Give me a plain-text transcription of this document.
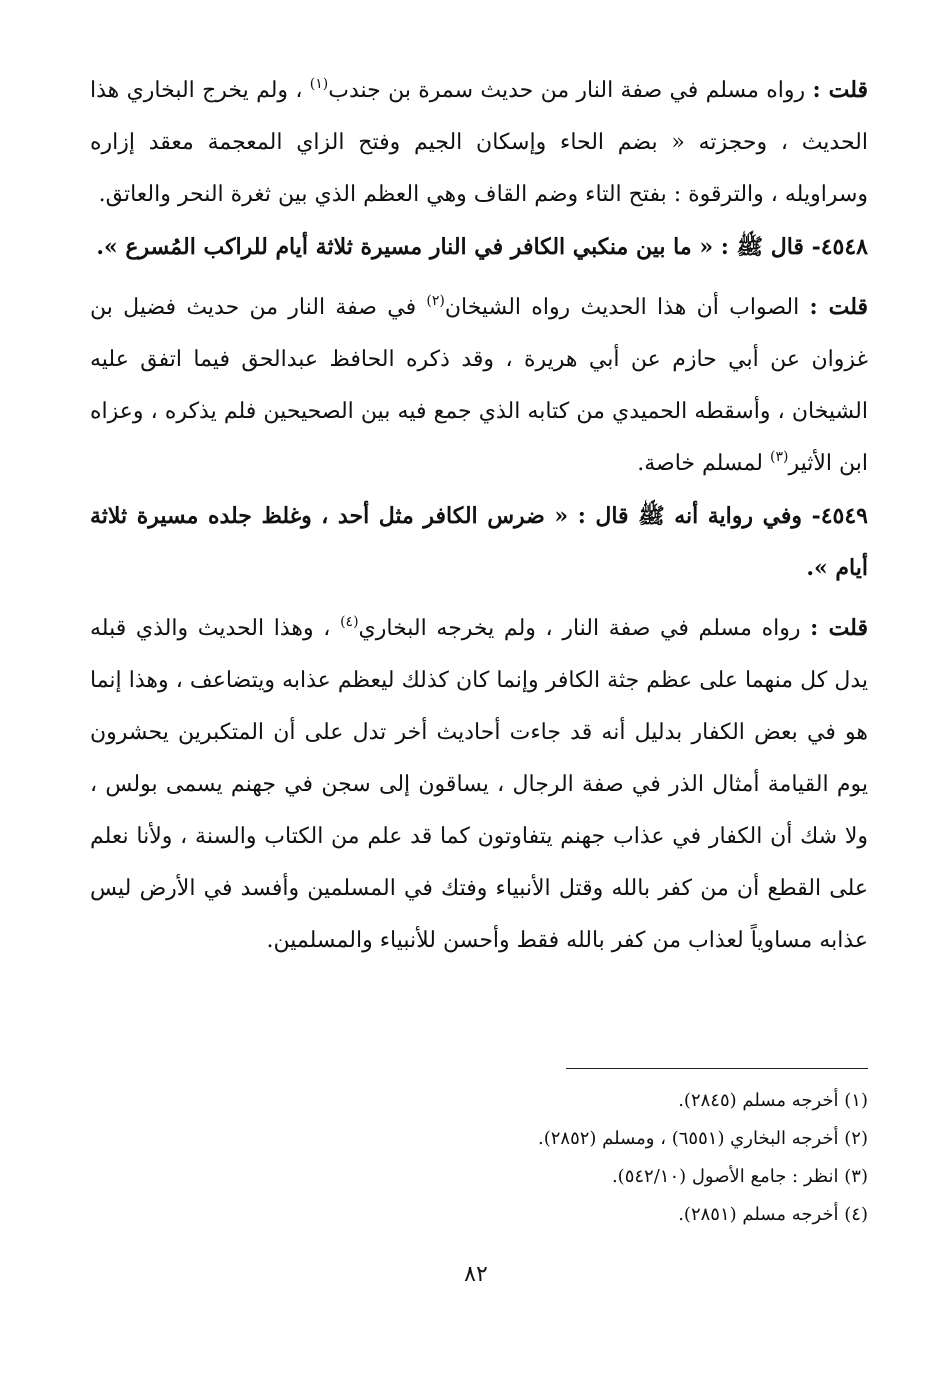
قلت : رواه مسلم في صفة النار من حديث سمرة بن جندب$^{(١)}$ ، ولم يخرج البخاري هذا الحديث ، وحجزته « بضم الحاء وإسكان الجيم وفتح الزاي المعجمة معقد إزاره وسراويله ، والترقوة : بفتح التاء وضم القاف وهي العظم الذي بين ثغرة النحر والعاتق.

٤٥٤٨- قال ﷺ : « ما بين منكبي الكافر في النار مسيرة ثلاثة أيام للراكب المُسرع ».

قلت : الصواب أن هذا الحديث رواه الشيخان$^{(٢)}$ في صفة النار من حديث فضيل بن غزوان عن أبي حازم عن أبي هريرة ، وقد ذكره الحافظ عبدالحق فيما اتفق عليه الشيخان ، وأسقطه الحميدي من كتابه الذي جمع فيه بين الصحيحين فلم يذكره ، وعزاه ابن الأثير$^{(٣)}$ لمسلم خاصة.

٤٥٤٩- وفي رواية أنه ﷺ قال : « ضرس الكافر مثل أحد ، وغلظ جلده مسيرة ثلاثة أيام ».

قلت : رواه مسلم في صفة النار ، ولم يخرجه البخاري$^{(٤)}$ ، وهذا الحديث والذي قبله يدل كل منهما على عظم جثة الكافر وإنما كان كذلك ليعظم عذابه ويتضاعف ، وهذا إنما هو في بعض الكفار بدليل أنه قد جاءت أحاديث أخر تدل على أن المتكبرين يحشرون يوم القيامة أمثال الذر في صفة الرجال ، يساقون إلى سجن في جهنم يسمى بولس ، ولا شك أن الكفار في عذاب جهنم يتفاوتون كما قد علم من الكتاب والسنة ، ولأنا نعلم على القطع أن من كفر بالله وقتل الأنبياء وفتك في المسلمين وأفسد في الأرض ليس عذابه مساوياً لعذاب من كفر بالله فقط وأحسن للأنبياء والمسلمين.

(١) أخرجه مسلم (٢٨٤٥).

(٢) أخرجه البخاري (٦٥٥١) ، ومسلم (٢٨٥٢).

(٣) انظر : جامع الأصول (٥٤٢/١٠).

(٤) أخرجه مسلم (٢٨٥١).

٨٢
